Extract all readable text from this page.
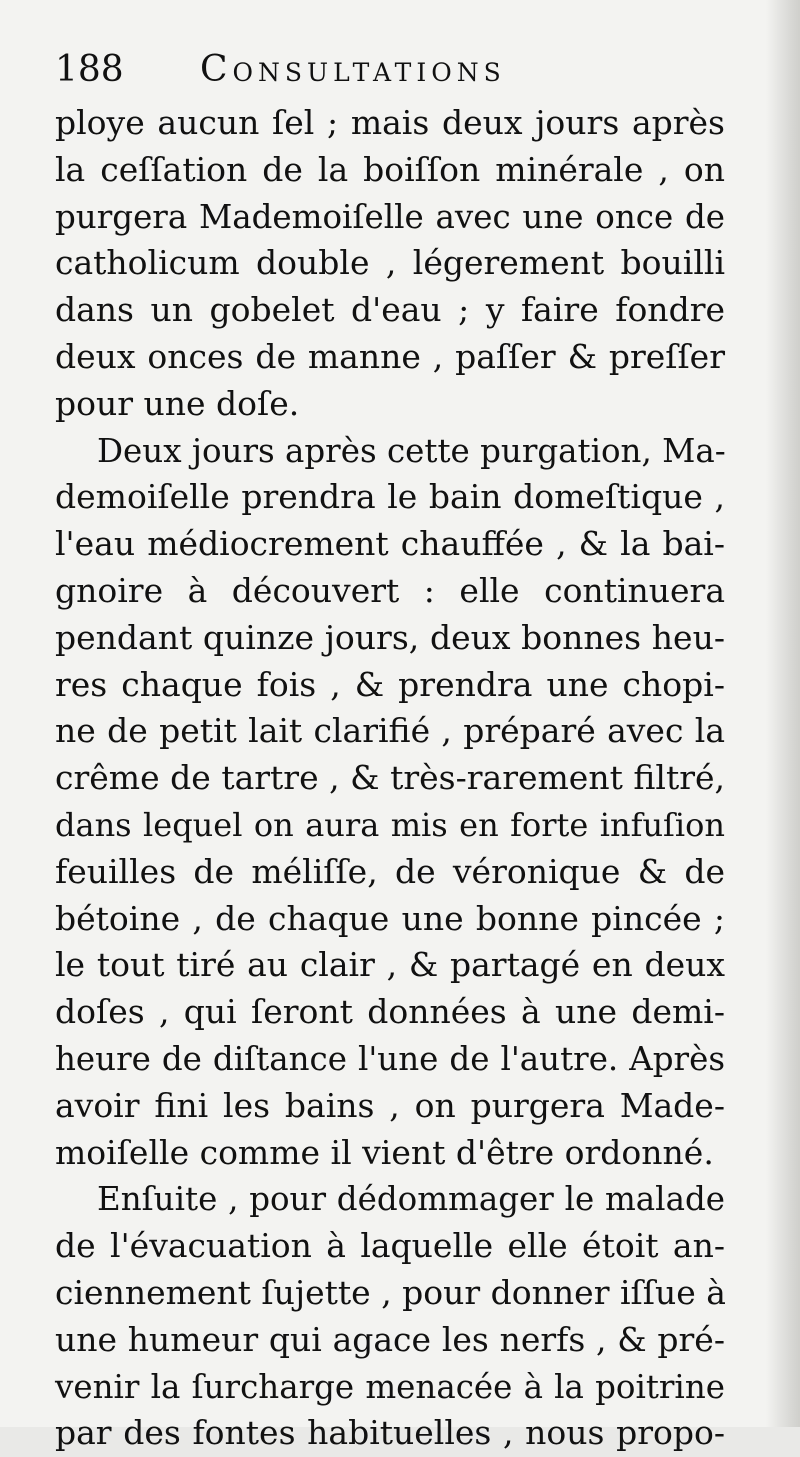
188 Consultations
ploye aucun ſel ; mais deux jours après
la ceſſation de la boiſſon minérale , on
purgera Mademoiſelle avec une once de
catholicum double , légerement bouilli
dans un gobelet d'eau ; y faire fondre
deux onces de manne , paſſer & preſſer
pour une doſe.
Deux jours après cette purgation, Ma-
demoiſelle prendra le bain domeſtique ,
l'eau médiocrement chauffée , & la bai-
gnoire à découvert : elle continuera
pendant quinze jours, deux bonnes heu-
res chaque fois , & prendra une chopi-
ne de petit lait clarifié , préparé avec la
crême de tartre , & très-rarement filtré,
dans lequel on aura mis en forte infuſion
feuilles de méliſſe, de véronique & de
bétoine , de chaque une bonne pincée ;
le tout tiré au clair , & partagé en deux
doſes , qui ſeront données à une demi-
heure de diſtance l'une de l'autre. Après
avoir fini les bains , on purgera Made-
moiſelle comme il vient d'être ordonné.
Enſuite , pour dédommager le malade
de l'évacuation à laquelle elle étoit an-
ciennement ſujette , pour donner iſſue à
une humeur qui agace les nerfs , & pré-
venir la ſurcharge menacée à la poitrine
par des fontes habituelles , nous propo-
